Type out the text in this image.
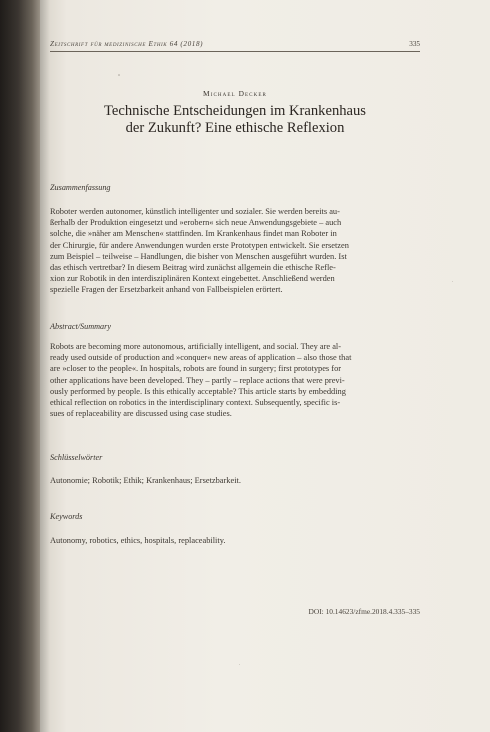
Zeitschrift für medizinische Ethik 64 (2018)	335
Michael Decker
Technische Entscheidungen im Krankenhaus
der Zukunft? Eine ethische Reflexion
Zusammenfassung
Roboter werden autonomer, künstlich intelligenter und sozialer. Sie werden bereits au-
ßerhalb der Produktion eingesetzt und »erobern« sich neue Anwendungsgebiete – auch
solche, die »näher am Menschen« stattfinden. Im Krankenhaus findet man Roboter in
der Chirurgie, für andere Anwendungen wurden erste Prototypen entwickelt. Sie ersetzen
zum Beispiel – teilweise – Handlungen, die bisher von Menschen ausgeführt wurden. Ist
das ethisch vertretbar? In diesem Beitrag wird zunächst allgemein die ethische Refle-
xion zur Robotik in den interdisziplinären Kontext eingebettet. Anschließend werden
spezielle Fragen der Ersetzbarkeit anhand von Fallbeispielen erörtert.
Abstract/Summary
Robots are becoming more autonomous, artificially intelligent, and social. They are al-
ready used outside of production and »conquer« new areas of application – also those that
are »closer to the people«. In hospitals, robots are found in surgery; first prototypes for
other applications have been developed. They – partly – replace actions that were previ-
ously performed by people. Is this ethically acceptable? This article starts by embedding
ethical reflection on robotics in the interdisciplinary context. Subsequently, specific is-
sues of replaceability are discussed using case studies.
Schlüsselwörter
Autonomie; Robotik; Ethik; Krankenhaus; Ersetzbarkeit.
Keywords
Autonomy, robotics, ethics, hospitals, replaceability.
DOI: 10.14623/zfme.2018.4.335–335
